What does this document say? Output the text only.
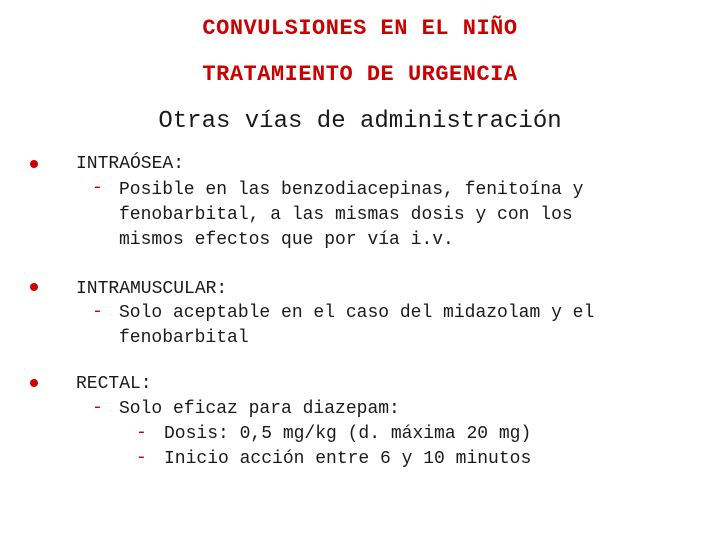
CONVULSIONES EN EL NIÑO
TRATAMIENTO DE URGENCIA
Otras vías de administración
INTRAÓSEA:
- Posible en las benzodiacepinas, fenitoína y
fenobarbital, a las mismas dosis y con los
mismos efectos que por vía i.v.
INTRAMUSCULAR:
- Solo aceptable en el caso del midazolam y el
fenobarbital
RECTAL:
- Solo eficaz para diazepam:
- Dosis: 0,5 mg/kg (d. máxima 20 mg)
- Inicio acción entre 6 y 10 minutos
